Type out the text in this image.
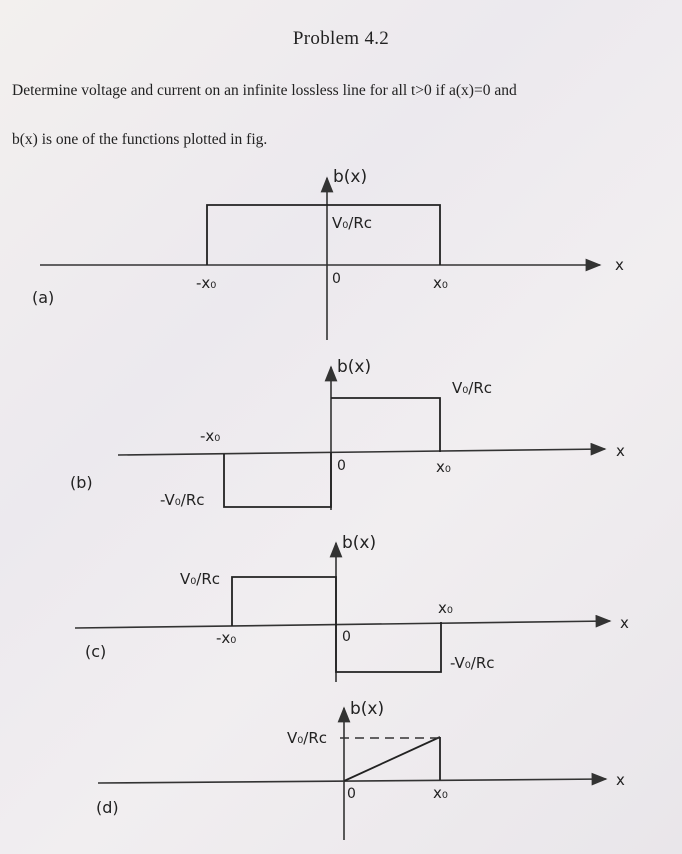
Problem 4.2
Determine voltage and current on an infinite lossless line for all t>0 if a(x)=0 and
b(x) is one of the functions plotted in fig.
b(x)
x
V₀/Rᴄ
-x₀	0	x₀
(a)
b(x)
x
V₀/Rᴄ
-V₀/Rᴄ
-x₀
0	x₀
(b)
b(x)
x
V₀/Rᴄ
-V₀/Rᴄ
-x₀	0
x₀
(c)
b(x)
x
V₀/Rᴄ
0	x₀
(d)
